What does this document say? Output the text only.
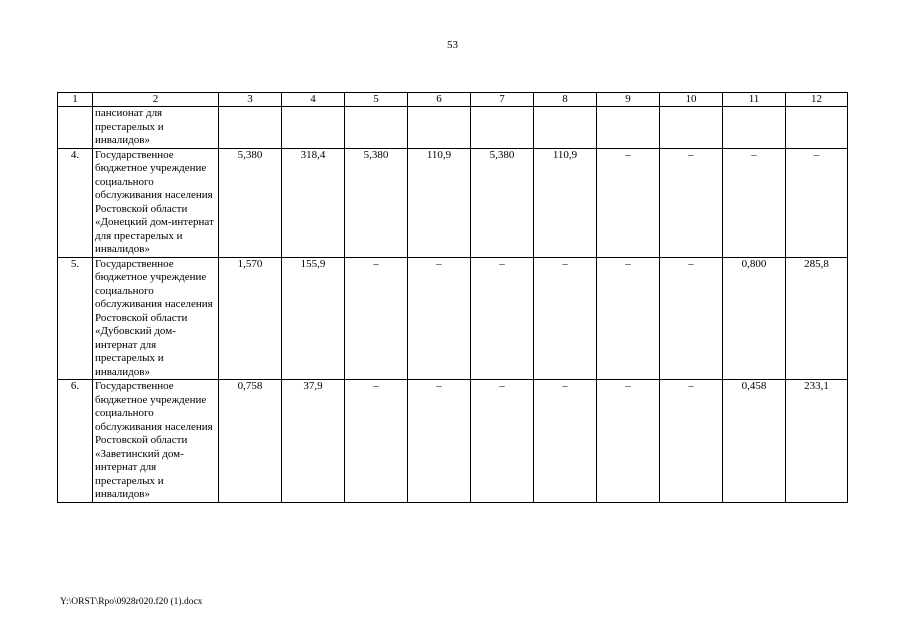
53
1	2	3	4	5	6	7	8	9	10	11	12
	пансионат для престарелых и инвалидов»										
4.	Государственное бюджетное учреждение социального обслуживания населения Ростовской области «Донецкий дом-интернат для престарелых и инвалидов»	5,380	318,4	5,380	110,9	5,380	110,9	–	–	–	–
5.	Государственное бюджетное учреждение социального обслуживания населения Ростовской области «Дубовский дом-интернат для престарелых и инвалидов»	1,570	155,9	–	–	–	–	–	–	0,800	285,8
6.	Государственное бюджетное учреждение социального обслуживания населения Ростовской области «Заветинский дом-интернат для престарелых и инвалидов»	0,758	37,9	–	–	–	–	–	–	0,458	233,1
Y:\ORST\Rpo\0928r020.f20 (1).docx
